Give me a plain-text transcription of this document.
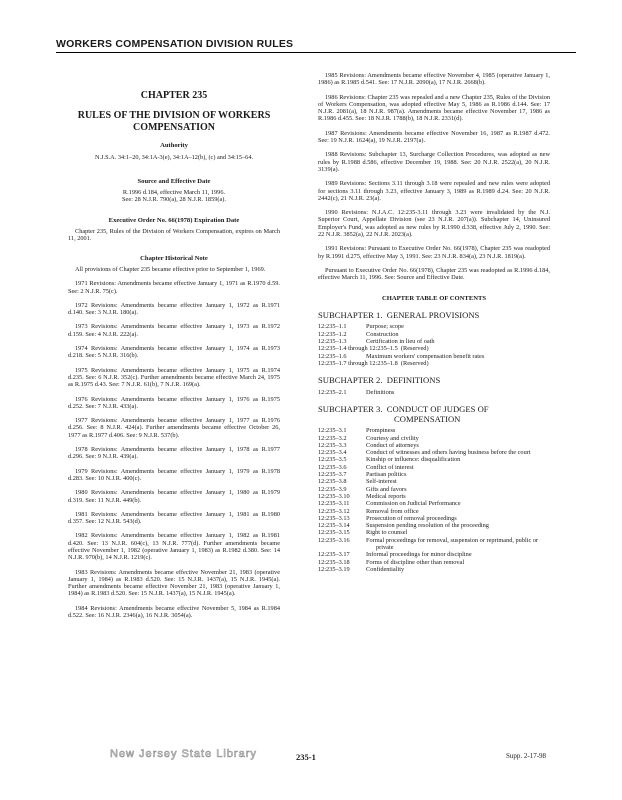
WORKERS COMPENSATION DIVISION RULES
CHAPTER 235
RULES OF THE DIVISION OF WORKERS COMPENSATION
Authority
N.J.S.A. 34:1–20, 34:1A-3(e), 34:1A–12(b), (c) and 34:15–64.
Source and Effective Date
R.1996 d.184, effective March 11, 1996.
See: 28 N.J.R. 790(a), 28 N.J.R. 1859(a).
Executive Order No. 66(1978) Expiration Date
Chapter 235, Rules of the Division of Workers Compensation, expires on March 11, 2001.
Chapter Historical Note
All provisions of Chapter 235 became effective prior to September 1, 1969.
1971 Revisions: Amendments became effective January 1, 1971 as R.1970 d.59. See: 2 N.J.R. 75(c).
1972 Revisions: Amendments became effective January 1, 1972 as R.1971 d.140. See: 3 N.J.R. 180(a).
1973 Revisions: Amendments became effective January 1, 1973 as R.1972 d.159. See: 4 N.J.R. 222(a).
1974 Revisions: Amendments became effective January 1, 1974 as R.1973 d.218. See: 5 N.J.R. 316(b).
1975 Revisions: Amendments became effective January 1, 1975 as R.1974 d.235. See: 6 N.J.R. 352(c). Further amendments became effective March 24, 1975 as R.1975 d.43. See: 7 N.J.R. 61(b), 7 N.J.R. 169(a).
1976 Revisions: Amendments became effective January 1, 1976 as R.1975 d.252. See: 7 N.J.R. 433(a).
1977 Revisions: Amendments became effective January 1, 1977 as R.1976 d.256. See: 8 N.J.R. 424(a). Further amendments became effective October 26, 1977 as R.1977 d.406. See: 9 N.J.R. 537(b).
1978 Revisions: Amendments became effective January 1, 1978 as R.1977 d.296. See: 9 N.J.R. 439(a).
1979 Revisions: Amendments became effective January 1, 1979 as R.1978 d.283. See: 10 N.J.R. 400(c).
1980 Revisions: Amendments became effective January 1, 1980 as R.1979 d.319. See: 11 N.J.R. 449(b).
1981 Revisions: Amendments became effective January 1, 1981 as R.1980 d.357. See: 12 N.J.R. 543(d).
1982 Revisions: Amendments became effective January 1, 1982 as R.1981 d.420. See: 13 N.J.R. 604(c), 13 N.J.R. 777(d). Further amendments became effective November 1, 1982 (operative January 1, 1983) as R.1982 d.380. See: 14 N.J.R. 970(b), 14 N.J.R. 1219(c).
1983 Revisions: Amendments became effective November 21, 1983 (operative January 1, 1984) as R.1983 d.520. See: 15 N.J.R. 1437(a), 15 N.J.R. 1945(a). Further amendments became effective November 21, 1983 (operative January 1, 1984) as R.1983 d.520. See: 15 N.J.R. 1437(a), 15 N.J.R. 1945(a).
1984 Revisions: Amendments became effective November 5, 1984 as R.1984 d.522. See: 16 N.J.R. 2346(a), 16 N.J.R. 3054(a).
1985 Revisions: Amendments became effective November 4, 1985 (operative January 1, 1986) as R.1985 d.541. See: 17 N.J.R. 2090(a), 17 N.J.R. 2668(b).
1986 Revisions: Chapter 235 was repealed and a new Chapter 235, Rules of the Division of Workers Compensation, was adopted effective May 5, 1986 as R.1986 d.144. See: 17 N.J.R. 2081(a), 18 N.J.R. 987(a). Amendments became effective November 17, 1986 as R.1986 d.455. See: 18 N.J.R. 1788(b), 18 N.J.R. 2331(d).
1987 Revisions: Amendments became effective November 16, 1987 as R.1987 d.472. See: 19 N.J.R. 1624(a), 19 N.J.R. 2197(a).
1988 Revisions: Subchapter 13, Surcharge Collection Procedures, was adopted as new rules by R.1988 d.586, effective December 19, 1988. See: 20 N.J.R. 2522(a), 20 N.J.R. 3139(a).
1989 Revisions: Sections 3.11 through 3.18 were repealed and new rules were adopted for sections 3.11 through 3.23, effective January 3, 1989 as R.1989 d.24. See: 20 N.J.R. 2442(c), 21 N.J.R. 23(a).
1990 Revisions: N.J.A.C. 12:235-3.11 through 3.23 were invalidated by the N.J. Superior Court, Appellate Division (see 23 N.J.R. 207(a)). Subchapter 14, Uninsured Employer's Fund, was adopted as new rules by R.1990 d.338, effective July 2, 1990. See: 22 N.J.R. 3852(a), 22 N.J.R. 2023(a).
1991 Revisions: Pursuant to Executive Order No. 66(1978), Chapter 235 was readopted by R.1991 d.275, effective May 3, 1991. See: 23 N.J.R. 834(a), 23 N.J.R. 1819(a).
Pursuant to Executive Order No. 66(1978), Chapter 235 was readopted as R.1996 d.184, effective March 11, 1996. See: Source and Effective Date.
CHAPTER TABLE OF CONTENTS
SUBCHAPTER 1. GENERAL PROVISIONS
12:235–1.1	Purpose; scope
12:235–1.2	Construction
12:235–1.3	Certification in lieu of oath
12:235–1.4 through 12:235–1.5 (Reserved)
12:235–1.6	Maximum workers' compensation benefit rates
12:235–1.7 through 12:235–1.8 (Reserved)
SUBCHAPTER 2. DEFINITIONS
12:235–2.1	Definitions
SUBCHAPTER 3. CONDUCT OF JUDGES OF
COMPENSATION
12:235–3.1	Promptness
12:235–3.2	Courtesy and civility
12:235–3.3	Conduct of attorneys
12:235–3.4	Conduct of witnesses and others having business before the court
12:235–3.5	Kinship or influence: disqualification
12:235–3.6	Conflict of interest
12:235–3.7	Partisan politics
12:235–3.8	Self-interest
12:235–3.9	Gifts and favors
12:235–3.10	Medical reports
12:235–3.11	Commission on Judicial Performance
12:235–3.12	Removal from office
12:235–3.13	Prosecution of removal proceedings
12:235–3.14	Suspension pending resolution of the proceeding
12:235–3.15	Right to counsel
12:235–3.16	Formal proceedings for removal, suspension or reprimand, public or private
12:235–3.17	Informal proceedings for minor discipline
12:235–3.18	Forms of discipline other than removal
12:235–3.19	Confidentiality
New Jersey State Library	235-1	Supp. 2-17-98
